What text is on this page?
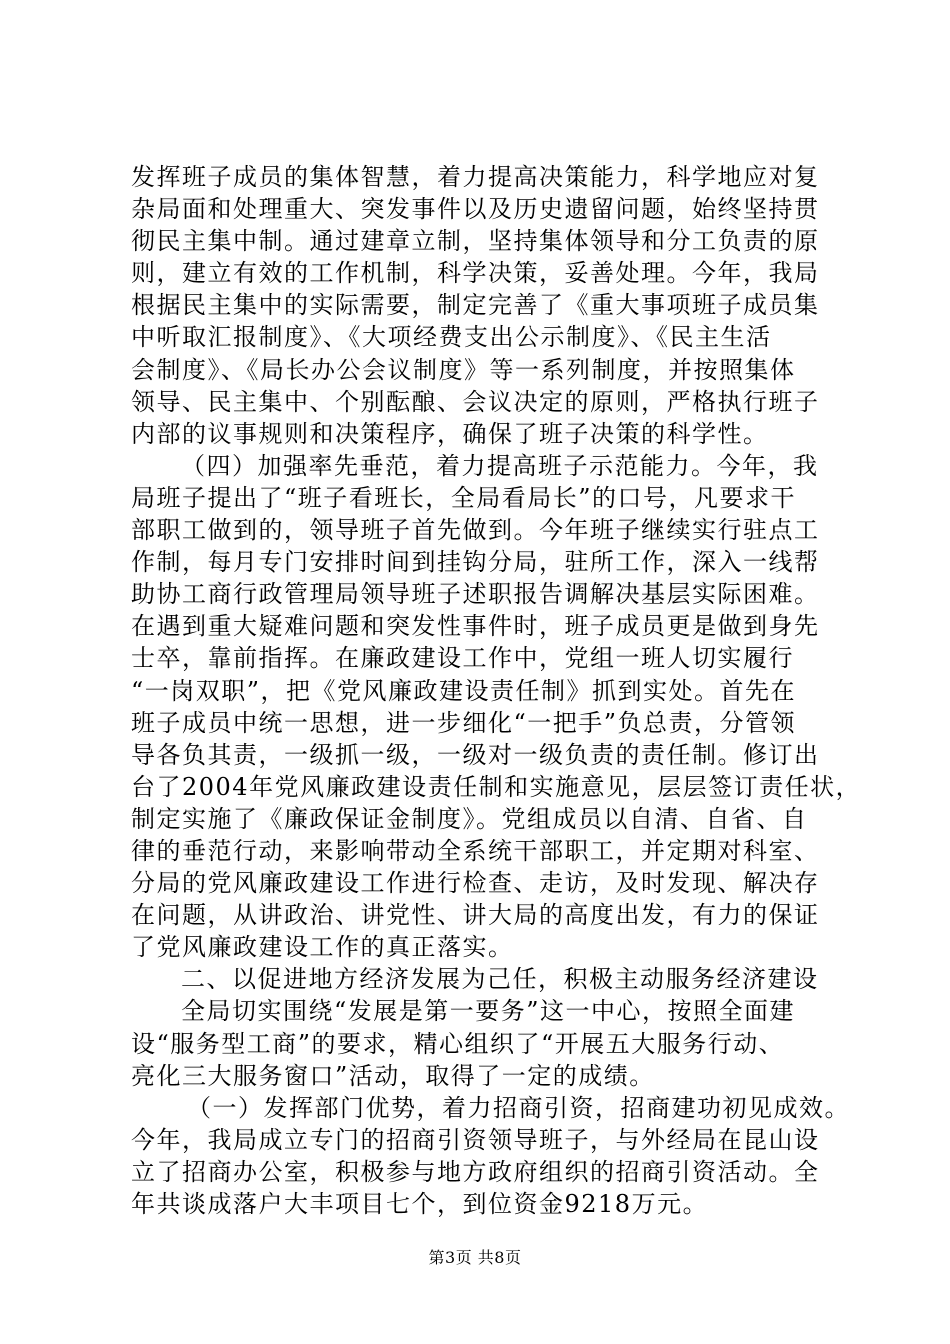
发挥班子成员的集体智慧，着力提高决策能力，科学地应对复
杂局面和处理重大、突发事件以及历史遗留问题，始终坚持贯
彻民主集中制。通过建章立制，坚持集体领导和分工负责的原
则，建立有效的工作机制，科学决策，妥善处理。今年，我局
根据民主集中的实际需要，制定完善了《重大事项班子成员集
中听取汇报制度》、《大项经费支出公示制度》、《民主生活
会制度》、《局长办公会议制度》等一系列制度，并按照集体
领导、民主集中、个别酝酿、会议决定的原则，严格执行班子
内部的议事规则和决策程序，确保了班子决策的科学性。
（四）加强率先垂范，着力提高班子示范能力。今年，我
局班子提出了“班子看班长，全局看局长”的口号，凡要求干
部职工做到的，领导班子首先做到。今年班子继续实行驻点工
作制，每月专门安排时间到挂钩分局，驻所工作，深入一线帮
助协工商行政管理局领导班子述职报告调解决基层实际困难。
在遇到重大疑难问题和突发性事件时，班子成员更是做到身先
士卒，靠前指挥。在廉政建设工作中，党组一班人切实履行
“一岗双职”，把《党风廉政建设责任制》抓到实处。首先在
班子成员中统一思想，进一步细化“一把手”负总责，分管领
导各负其责，一级抓一级，一级对一级负责的责任制。修订出
台了2004年党风廉政建设责任制和实施意见，层层签订责任状，
制定实施了《廉政保证金制度》。党组成员以自清、自省、自
律的垂范行动，来影响带动全系统干部职工，并定期对科室、
分局的党风廉政建设工作进行检查、走访，及时发现、解决存
在问题，从讲政治、讲党性、讲大局的高度出发，有力的保证
了党风廉政建设工作的真正落实。
二、以促进地方经济发展为己任，积极主动服务经济建设
全局切实围绕“发展是第一要务”这一中心，按照全面建
设“服务型工商”的要求，精心组织了“开展五大服务行动、
亮化三大服务窗口”活动，取得了一定的成绩。
（一）发挥部门优势，着力招商引资，招商建功初见成效。
今年，我局成立专门的招商引资领导班子，与外经局在昆山设
立了招商办公室，积极参与地方政府组织的招商引资活动。全
年共谈成落户大丰项目七个，到位资金9218万元。
第3页 共8页
